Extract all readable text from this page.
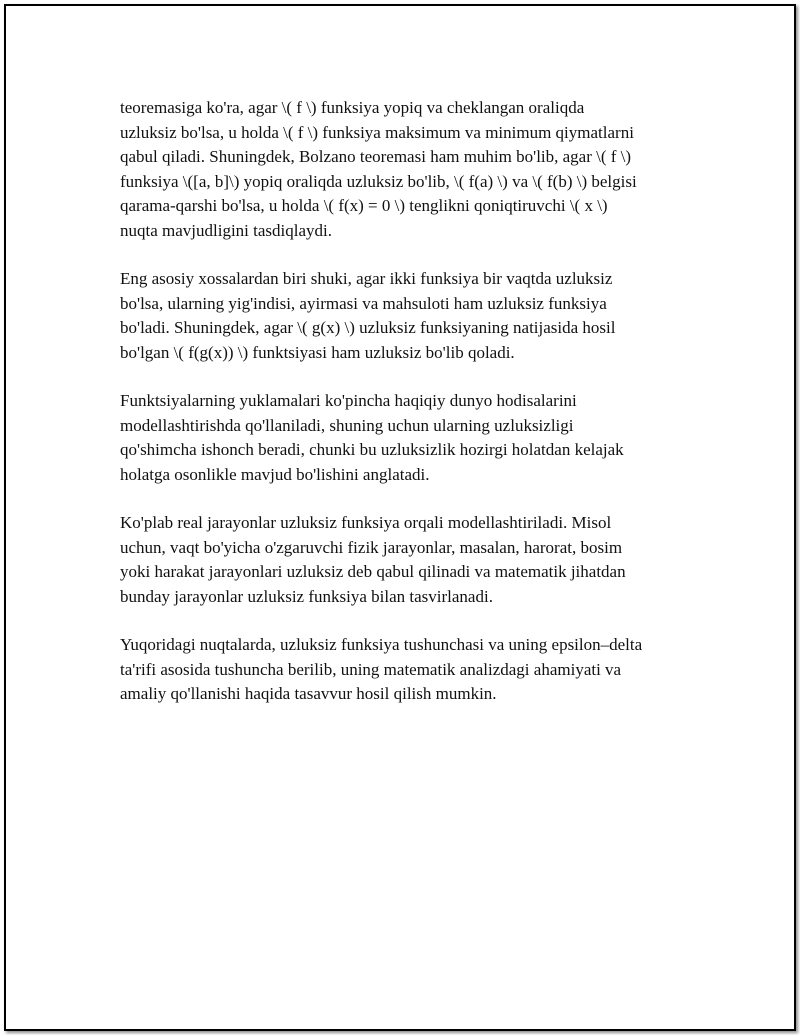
teoremasiga ko'ra, agar \( f \) funksiya yopiq va cheklangan oraliqda
uzluksiz bo'lsa, u holda \( f \) funksiya maksimum va minimum qiymatlarni
qabul qiladi. Shuningdek, Bolzano teoremasi ham muhim bo'lib, agar \( f \)
funksiya \([a, b]\) yopiq oraliqda uzluksiz bo'lib, \( f(a) \) va \( f(b) \) belgisi
qarama-qarshi bo'lsa, u holda \( f(x) = 0 \) tenglikni qoniqtiruvchi \( x \)
nuqta mavjudligini tasdiqlaydi.

Eng asosiy xossalardan biri shuki, agar ikki funksiya bir vaqtda uzluksiz
bo'lsa, ularning yig'indisi, ayirmasi va mahsuloti ham uzluksiz funksiya
bo'ladi. Shuningdek, agar \( g(x) \) uzluksiz funksiyaning natijasida hosil
bo'lgan \( f(g(x)) \) funktsiyasi ham uzluksiz bo'lib qoladi.

Funktsiyalarning yuklamalari ko'pincha haqiqiy dunyo hodisalarini
modellashtirishda qo'llaniladi, shuning uchun ularning uzluksizligi
qo'shimcha ishonch beradi, chunki bu uzluksizlik hozirgi holatdan kelajak
holatga osonlikle mavjud bo'lishini anglatadi.

Ko'plab real jarayonlar uzluksiz funksiya orqali modellashtiriladi. Misol
uchun, vaqt bo'yicha o'zgaruvchi fizik jarayonlar, masalan, harorat, bosim
yoki harakat jarayonlari uzluksiz deb qabul qilinadi va matematik jihatdan
bunday jarayonlar uzluksiz funksiya bilan tasvirlanadi.

Yuqoridagi nuqtalarda, uzluksiz funksiya tushunchasi va uning epsilon–delta
ta'rifi asosida tushuncha berilib, uning matematik analizdagi ahamiyati va
amaliy qo'llanishi haqida tasavvur hosil qilish mumkin.
